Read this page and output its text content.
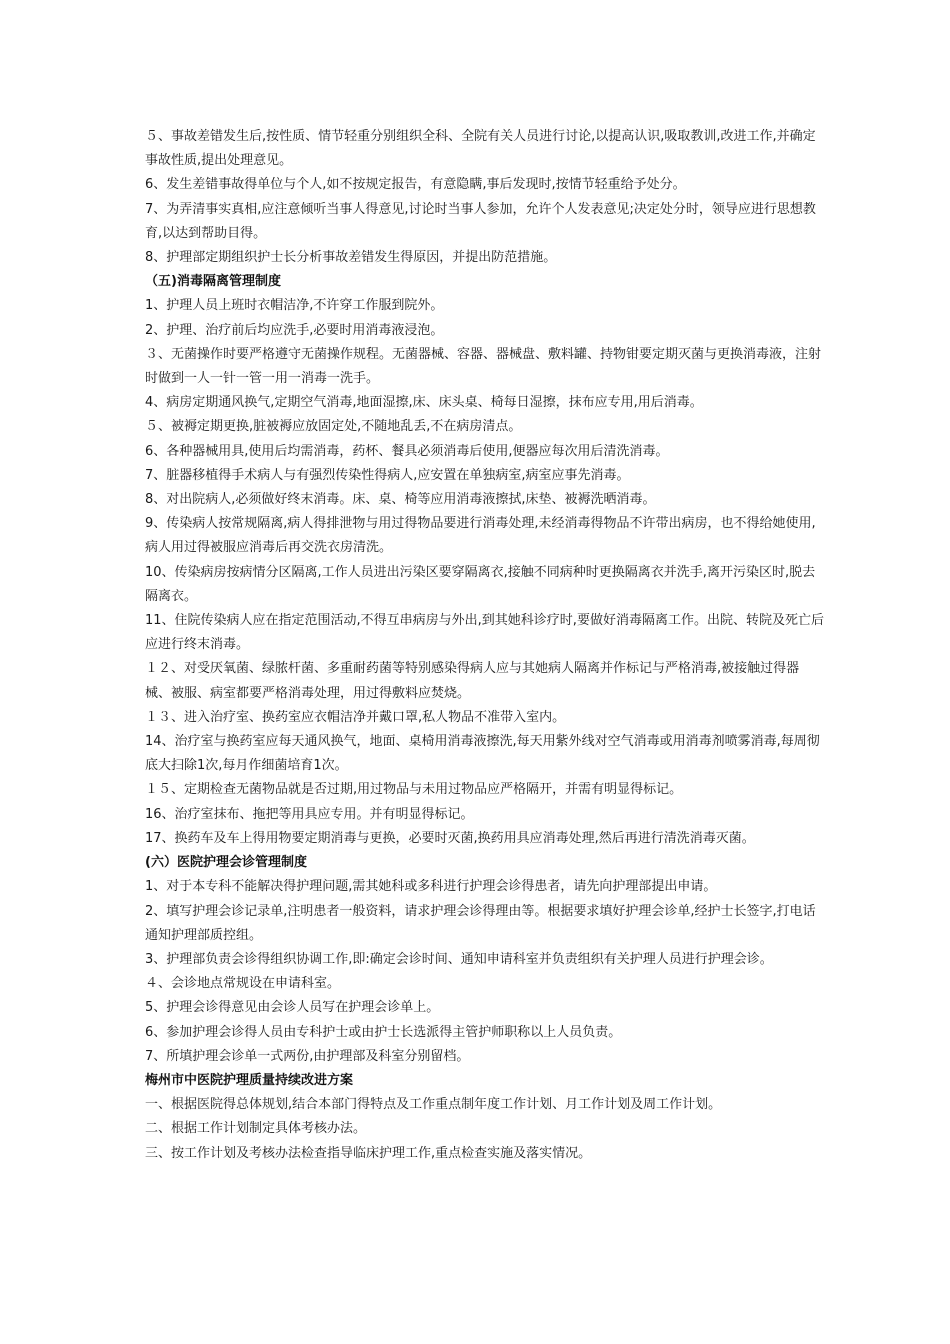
５、事故差错发生后,按性质、情节轻重分别组织全科、全院有关人员进行讨论,以提高认识,吸取教训,改进工作,并确定事故性质,提出处理意见。

6、发生差错事故得单位与个人,如不按规定报告，有意隐瞒,事后发现时,按情节轻重给予处分。

7、为弄清事实真相,应注意倾听当事人得意见,讨论时当事人参加，允许个人发表意见;决定处分时，领导应进行思想教育,以达到帮助目得。

8、护理部定期组织护士长分析事故差错发生得原因，并提出防范措施。

（五)消毒隔离管理制度

1、护理人员上班时衣帽洁净,不许穿工作服到院外。

2、护理、治疗前后均应洗手,必要时用消毒液浸泡。

３、无菌操作时要严格遵守无菌操作规程。无菌器械、容器、器械盘、敷料罐、持物钳要定期灭菌与更换消毒液，注射时做到一人一针一管一用一消毒一洗手。

4、病房定期通风换气,定期空气消毒,地面湿擦,床、床头桌、椅每日湿擦，抹布应专用,用后消毒。

５、被褥定期更换,脏被褥应放固定处,不随地乱丢,不在病房清点。

6、各种器械用具,使用后均需消毒，药杯、餐具必须消毒后使用,便器应每次用后清洗消毒。

7、脏器移植得手术病人与有强烈传染性得病人,应安置在单独病室,病室应事先消毒。

8、对出院病人,必须做好终末消毒。床、桌、椅等应用消毒液擦拭,床垫、被褥洗晒消毒。

9、传染病人按常规隔离,病人得排泄物与用过得物品要进行消毒处理,未经消毒得物品不许带出病房，也不得给她使用,病人用过得被服应消毒后再交洗衣房清洗。

10、传染病房按病情分区隔离,工作人员进出污染区要穿隔离衣,接触不同病种时更换隔离衣并洗手,离开污染区时,脱去隔离衣。

11、住院传染病人应在指定范围活动,不得互串病房与外出,到其她科诊疗时,要做好消毒隔离工作。出院、转院及死亡后应进行终末消毒。

１２、对受厌氧菌、绿脓杆菌、多重耐药菌等特别感染得病人应与其她病人隔离并作标记与严格消毒,被接触过得器械、被服、病室都要严格消毒处理，用过得敷料应焚烧。

１３、进入治疗室、换药室应衣帽洁净并戴口罩,私人物品不准带入室内。

14、治疗室与换药室应每天通风换气，地面、桌椅用消毒液擦洗,每天用紫外线对空气消毒或用消毒剂喷雾消毒,每周彻底大扫除1次,每月作细菌培育1次。

１５、定期检查无菌物品就是否过期,用过物品与未用过物品应严格隔开，并需有明显得标记。

16、治疗室抹布、拖把等用具应专用。并有明显得标记。

17、换药车及车上得用物要定期消毒与更换，必要时灭菌,换药用具应消毒处理,然后再进行清洗消毒灭菌。

(六）医院护理会诊管理制度

1、对于本专科不能解决得护理问题,需其她科或多科进行护理会诊得患者，请先向护理部提出申请。

2、填写护理会诊记录单,注明患者一般资料，请求护理会诊得理由等。根据要求填好护理会诊单,经护士长签字,打电话通知护理部质控组。

3、护理部负责会诊得组织协调工作,即:确定会诊时间、通知申请科室并负责组织有关护理人员进行护理会诊。

４、会诊地点常规设在申请科室。

5、护理会诊得意见由会诊人员写在护理会诊单上。

6、参加护理会诊得人员由专科护士或由护士长选派得主管护师职称以上人员负责。

7、所填护理会诊单一式两份,由护理部及科室分别留档。

梅州市中医院护理质量持续改进方案

一、根据医院得总体规划,结合本部门得特点及工作重点制年度工作计划、月工作计划及周工作计划。

二、根据工作计划制定具体考核办法。

三、按工作计划及考核办法检查指导临床护理工作,重点检查实施及落实情况。
